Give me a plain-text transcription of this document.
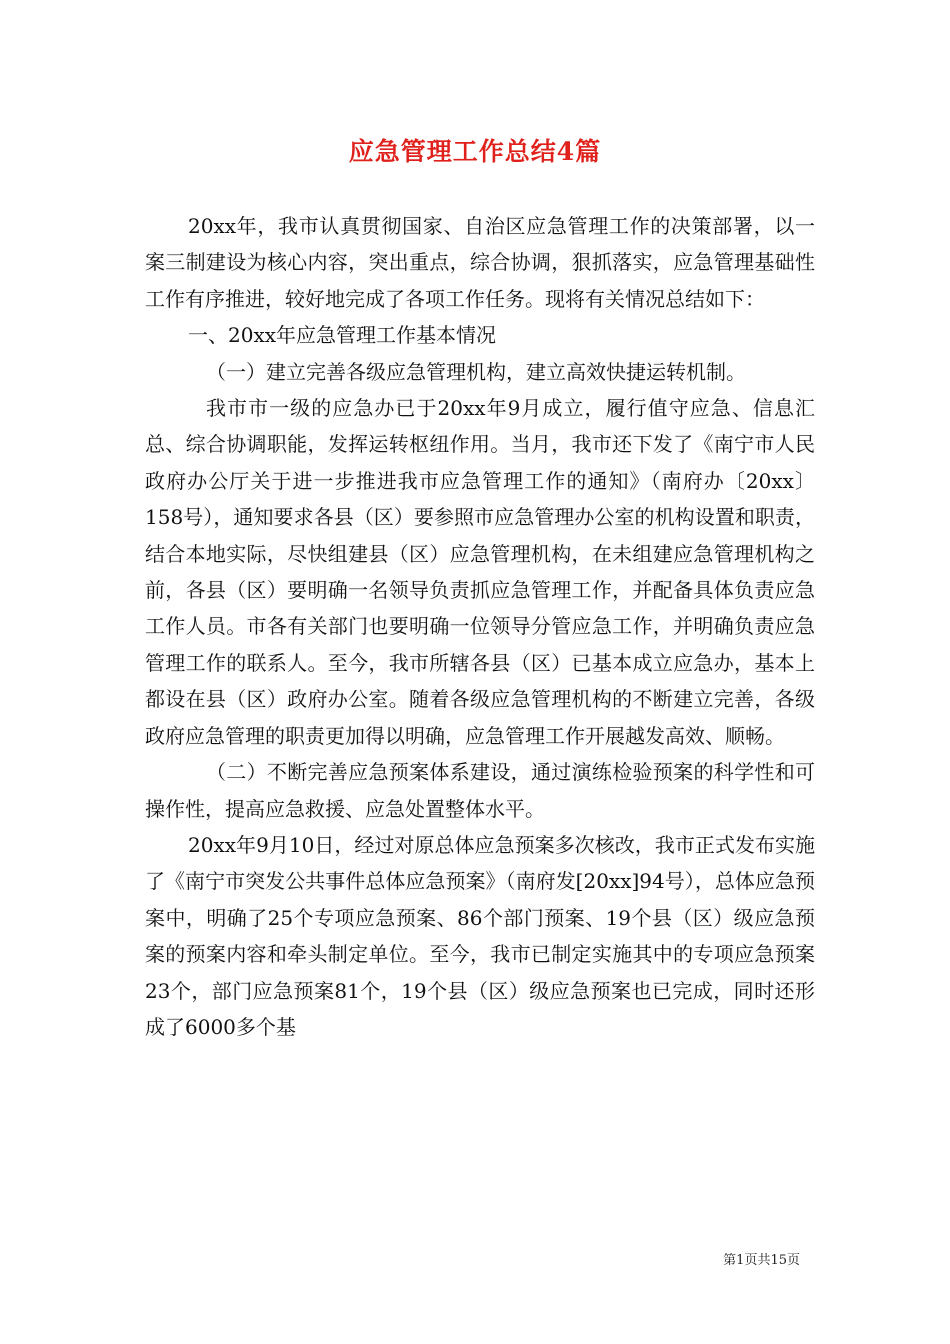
应急管理工作总结4篇

20xx年，我市认真贯彻国家、自治区应急管理工作的决策部署，以一案三制建设为核心内容，突出重点，综合协调，狠抓落实，应急管理基础性工作有序推进，较好地完成了各项工作任务。现将有关情况总结如下：

一、20xx年应急管理工作基本情况

（一）建立完善各级应急管理机构，建立高效快捷运转机制。

我市市一级的应急办已于20xx年9月成立，履行值守应急、信息汇总、综合协调职能，发挥运转枢纽作用。当月，我市还下发了《南宁市人民政府办公厅关于进一步推进我市应急管理工作的通知》（南府办〔20xx〕158号），通知要求各县（区）要参照市应急管理办公室的机构设置和职责，结合本地实际，尽快组建县（区）应急管理机构，在未组建应急管理机构之前，各县（区）要明确一名领导负责抓应急管理工作，并配备具体负责应急工作人员。市各有关部门也要明确一位领导分管应急工作，并明确负责应急管理工作的联系人。至今，我市所辖各县（区）已基本成立应急办，基本上都设在县（区）政府办公室。随着各级应急管理机构的不断建立完善，各级政府应急管理的职责更加得以明确，应急管理工作开展越发高效、顺畅。

（二）不断完善应急预案体系建设，通过演练检验预案的科学性和可操作性，提高应急救援、应急处置整体水平。

20xx年9月10日，经过对原总体应急预案多次核改，我市正式发布实施了《南宁市突发公共事件总体应急预案》（南府发[20xx]94号），总体应急预案中，明确了25个专项应急预案、86个部门预案、19个县（区）级应急预案的预案内容和牵头制定单位。至今，我市已制定实施其中的专项应急预案23个，部门应急预案81个，19个县（区）级应急预案也已完成，同时还形成了6000多个基

第1页共15页
